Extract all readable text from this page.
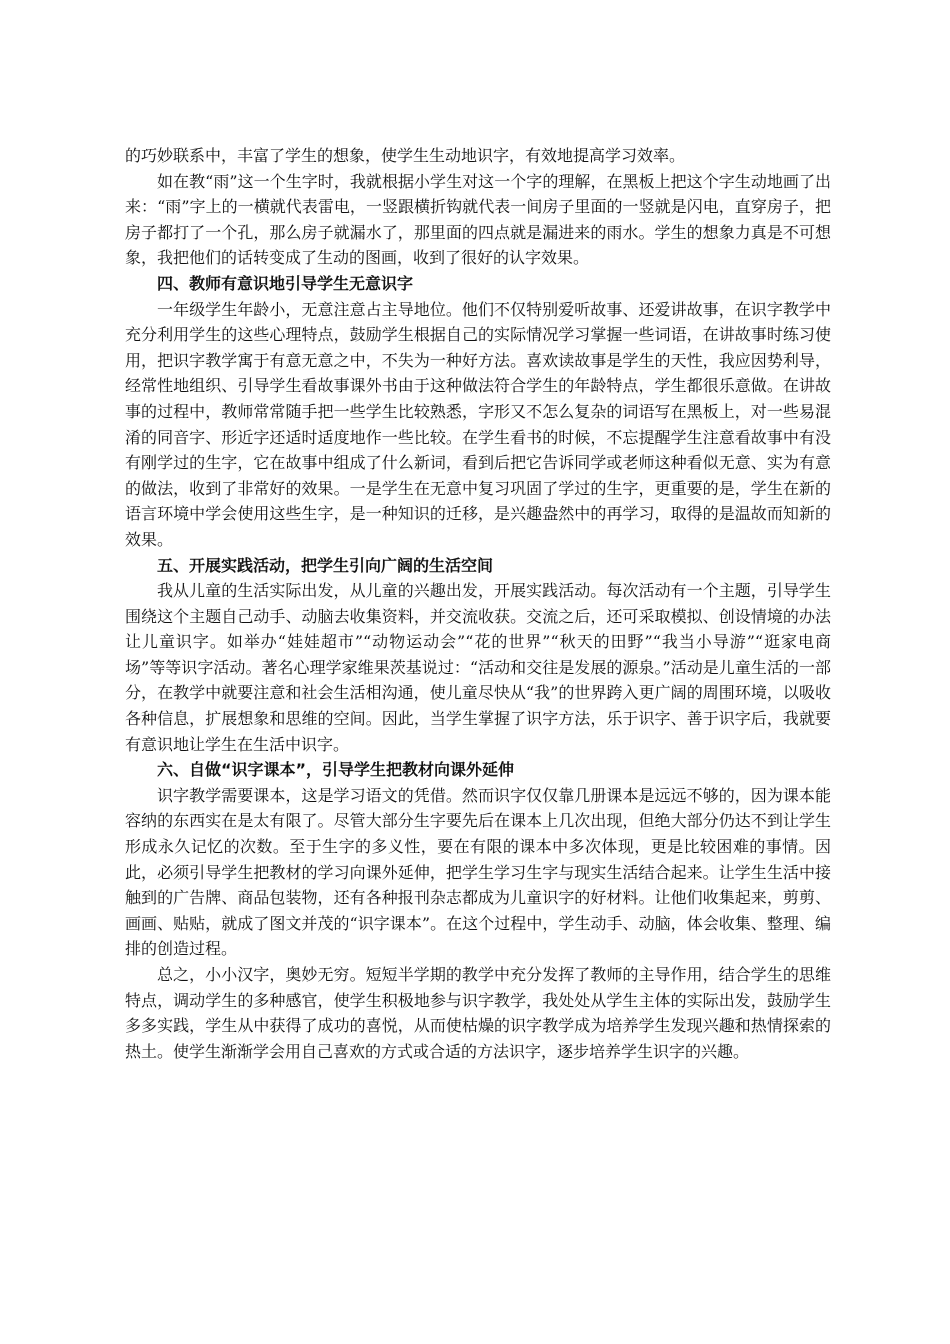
的巧妙联系中，丰富了学生的想象，使学生生动地识字，有效地提高学习效率。

如在教“雨”这一个生字时，我就根据小学生对这一个字的理解，在黑板上把这个字生动地画了出来：“雨”字上的一横就代表雷电，一竖跟横折钩就代表一间房子里面的一竖就是闪电，直穿房子，把房子都打了一个孔，那么房子就漏水了，那里面的四点就是漏进来的雨水。学生的想象力真是不可想象，我把他们的话转变成了生动的图画，收到了很好的认字效果。

四、教师有意识地引导学生无意识字

一年级学生年龄小，无意注意占主导地位。他们不仅特别爱听故事、还爱讲故事，在识字教学中充分利用学生的这些心理特点，鼓励学生根据自己的实际情况学习掌握一些词语，在讲故事时练习使用，把识字教学寓于有意无意之中，不失为一种好方法。喜欢读故事是学生的天性，我应因势利导，经常性地组织、引导学生看故事课外书由于这种做法符合学生的年龄特点，学生都很乐意做。在讲故事的过程中，教师常常随手把一些学生比较熟悉，字形又不怎么复杂的词语写在黑板上，对一些易混淆的同音字、形近字还适时适度地作一些比较。在学生看书的时候，不忘提醒学生注意看故事中有没有刚学过的生字，它在故事中组成了什么新词，看到后把它告诉同学或老师这种看似无意、实为有意的做法，收到了非常好的效果。一是学生在无意中复习巩固了学过的生字，更重要的是，学生在新的语言环境中学会使用这些生字，是一种知识的迁移，是兴趣盎然中的再学习，取得的是温故而知新的效果。

五、开展实践活动，把学生引向广阔的生活空间

我从儿童的生活实际出发，从儿童的兴趣出发，开展实践活动。每次活动有一个主题，引导学生围绕这个主题自己动手、动脑去收集资料，并交流收获。交流之后，还可采取模拟、创设情境的办法让儿童识字。如举办“娃娃超市”“动物运动会”“花的世界”“秋天的田野”“我当小导游”“逛家电商场”等等识字活动。著名心理学家维果茨基说过：“活动和交往是发展的源泉。”活动是儿童生活的一部分，在教学中就要注意和社会生活相沟通，使儿童尽快从“我”的世界跨入更广阔的周围环境，以吸收各种信息，扩展想象和思维的空间。因此，当学生掌握了识字方法，乐于识字、善于识字后，我就要有意识地让学生在生活中识字。

六、自做“识字课本”，引导学生把教材向课外延伸

识字教学需要课本，这是学习语文的凭借。然而识字仅仅靠几册课本是远远不够的，因为课本能容纳的东西实在是太有限了。尽管大部分生字要先后在课本上几次出现，但绝大部分仍达不到让学生形成永久记忆的次数。至于生字的多义性，要在有限的课本中多次体现，更是比较困难的事情。因此，必须引导学生把教材的学习向课外延伸，把学生学习生字与现实生活结合起来。让学生生活中接触到的广告牌、商品包装物，还有各种报刊杂志都成为儿童识字的好材料。让他们收集起来，剪剪、画画、贴贴，就成了图文并茂的“识字课本”。在这个过程中，学生动手、动脑，体会收集、整理、编排的创造过程。

总之，小小汉字，奥妙无穷。短短半学期的教学中充分发挥了教师的主导作用，结合学生的思维特点，调动学生的多种感官，使学生积极地参与识字教学，我处处从学生主体的实际出发，鼓励学生多多实践，学生从中获得了成功的喜悦，从而使枯燥的识字教学成为培养学生发现兴趣和热情探索的热土。使学生渐渐学会用自己喜欢的方式或合适的方法识字，逐步培养学生识字的兴趣。
